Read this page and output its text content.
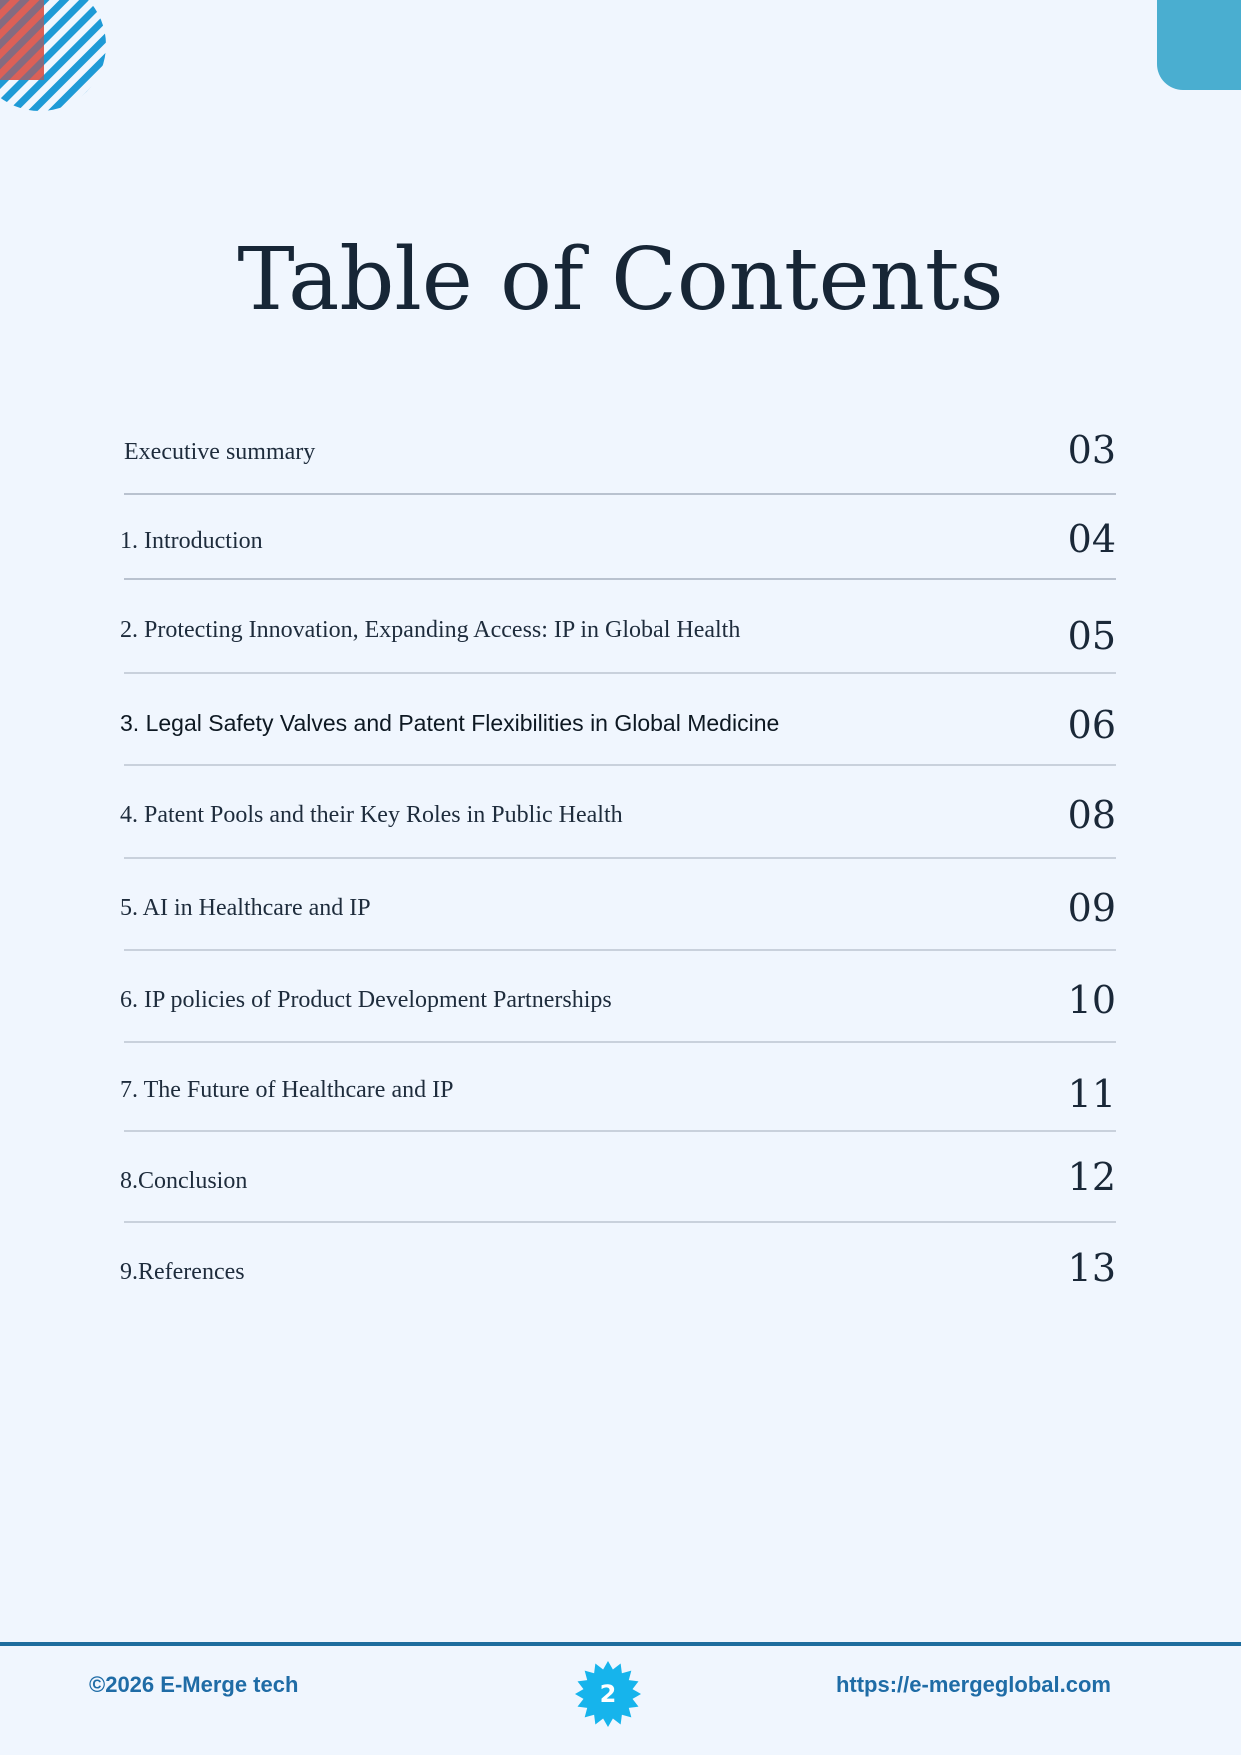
Table of Contents
Executive summary	03
1. Introduction	04
2. Protecting Innovation, Expanding Access: IP in Global Health	05
3. Legal Safety Valves and Patent Flexibilities in Global Medicine	06
4. Patent Pools and their Key Roles in Public Health	08
5. AI in Healthcare and IP	09
6. IP policies of Product Development Partnerships	10
7. The Future of Healthcare and IP	11
8.Conclusion	12
9.References	13
©2026 E-Merge tech	2	https://e-mergeglobal.com
